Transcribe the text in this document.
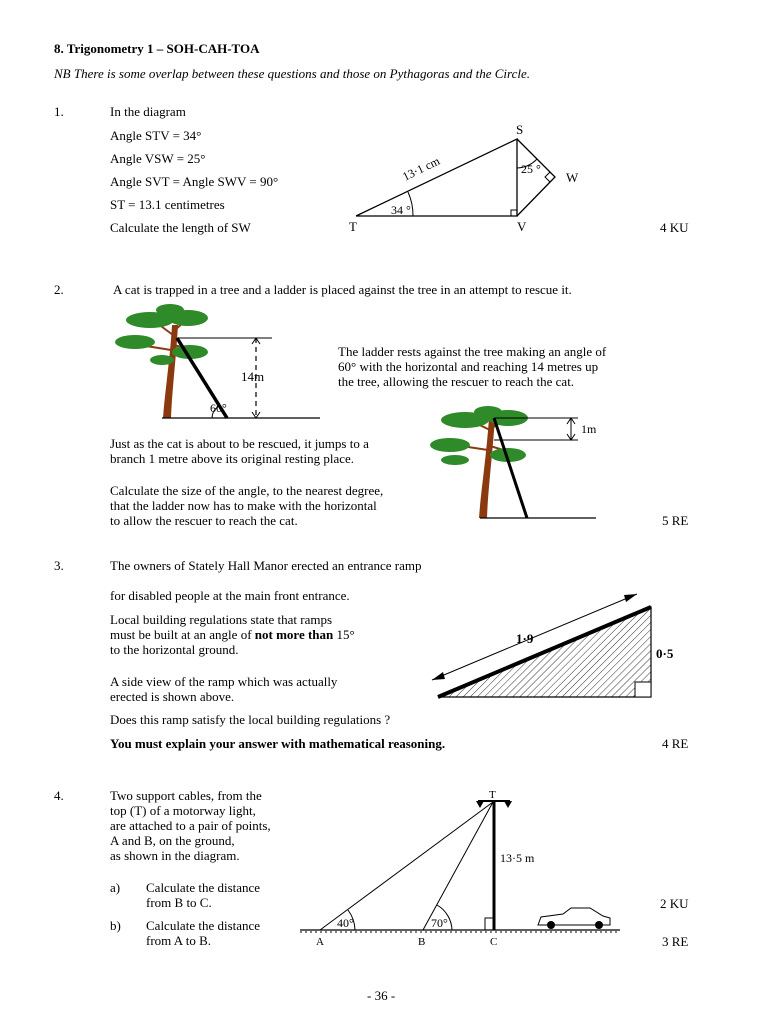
8. Trigonometry 1 – SOH-CAH-TOA
NB There is some overlap between these questions and those on Pythagoras and the Circle.
1.	In the diagram
Angle STV = 34°
Angle VSW = 25°
Angle SVT = Angle SWV = 90°
ST = 13.1 centimetres
Calculate the length of SW	4 KU
S
T	V
W
13·1 cm
34 °
25 °
2.	A cat is trapped in a tree and a ladder is placed against the tree in an attempt to rescue it.
The ladder rests against the tree making an angle of
60° with the horizontal and reaching 14 metres up
the tree, allowing the rescuer to reach the cat.
Just as the cat is about to be rescued, it jumps to a
branch 1 metre above its original resting place.
Calculate the size of the angle, to the nearest degree,
that the ladder now has to make with the horizontal
to allow the rescuer to reach the cat.	5 RE
14m
60°
1m
3.	The owners of Stately Hall Manor erected an entrance ramp
for disabled people at the main front entrance.
Local building regulations state that ramps
must be built at an angle of not more than 15°
to the horizontal ground.
A side view of the ramp which was actually
erected is shown above.
Does this ramp satisfy the local building regulations ?
You must explain your answer with mathematical reasoning.	4 RE
1·9
0·5
4.	Two support cables, from the
top (T) of a motorway light,
are attached to a pair of points,
A and B, on the ground,
as shown in the diagram.
a) Calculate the distance
from B to C.	2 KU
b) Calculate the distance
from A to B.	3 RE
T
A	B	C
13·5 m
40°	70°
- 36 -
